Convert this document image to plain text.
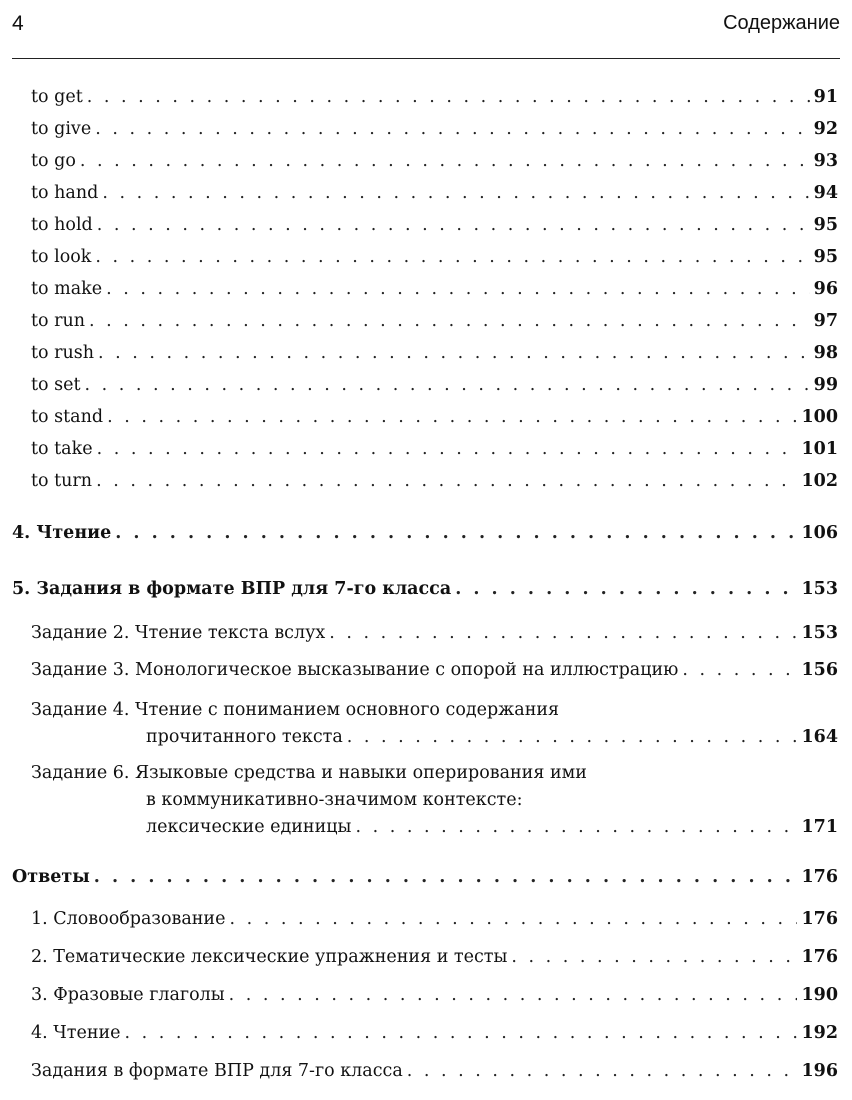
4	Содержание
to get . . .	91
to give . . .	92
to go . . .	93
to hand . . .	94
to hold . . .	95
to look . . .	95
to make . . .	96
to run . . .	97
to rush . . .	98
to set . . .	99
to stand . . .	100
to take . . .	101
to turn . . .	102
4. Чтение . . .	106
5. Задания в формате ВПР для 7-го класса . . .	153
Задание 2. Чтение текста вслух . . .	153
Задание 3. Монологическое высказывание с опорой на иллюстрацию . . .	156
Задание 4. Чтение с пониманием основного содержания
прочитанного текста . . .	164
Задание 6. Языковые средства и навыки оперирования ими
в коммуникативно-значимом контексте:
лексические единицы . . .	171
Ответы . . .	176
1. Словообразование . . .	176
2. Тематические лексические упражнения и тесты . . .	176
3. Фразовые глаголы . . .	190
4. Чтение . . .	192
Задания в формате ВПР для 7-го класса . . .	196
